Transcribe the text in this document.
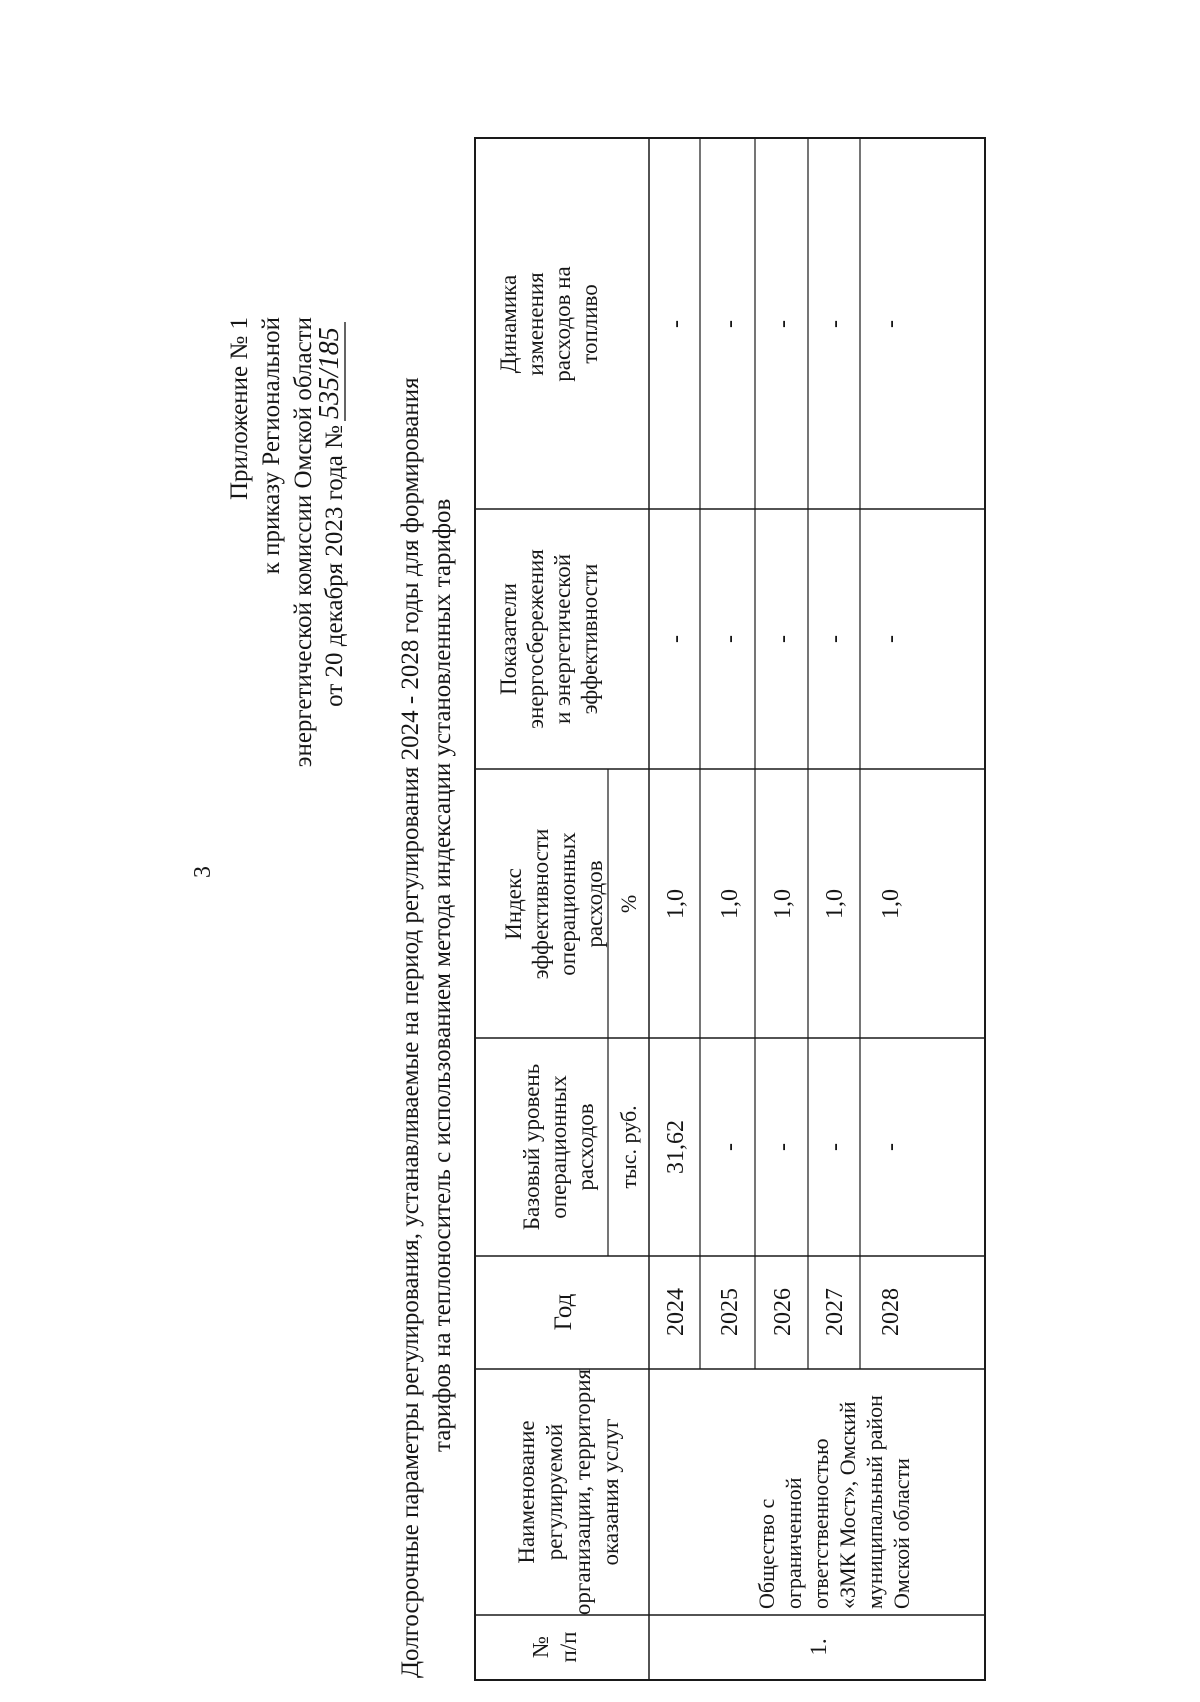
3
Приложение № 1 к приказу Региональной энергетической комиссии Омской области от 20 декабря 2023 года №
535/185
Долгосрочные параметры регулирования, устанавливаемые на период регулирования 2024 - 2028 годы для формирования тарифов на теплоноситель с использованием метода индексации установленных тарифов
№ п/п
Наименование регулируемой организации, территория оказания услуг
Год
Базовый уровень операционных расходов тыс. руб.
Индекс эффективности операционных расходов %
Показатели энергосбережения и энергетической эффективности
Динамика изменения расходов на топливо
1.
Общество с ограниченной ответственностью «ЗМК Мост», Омский муниципальный район Омской области
2024
31,62
1,0
-
-
2025
-
1,0
-
-
2026
-
1,0
-
-
2027
-
1,0
-
-
2028
-
1,0
-
-
